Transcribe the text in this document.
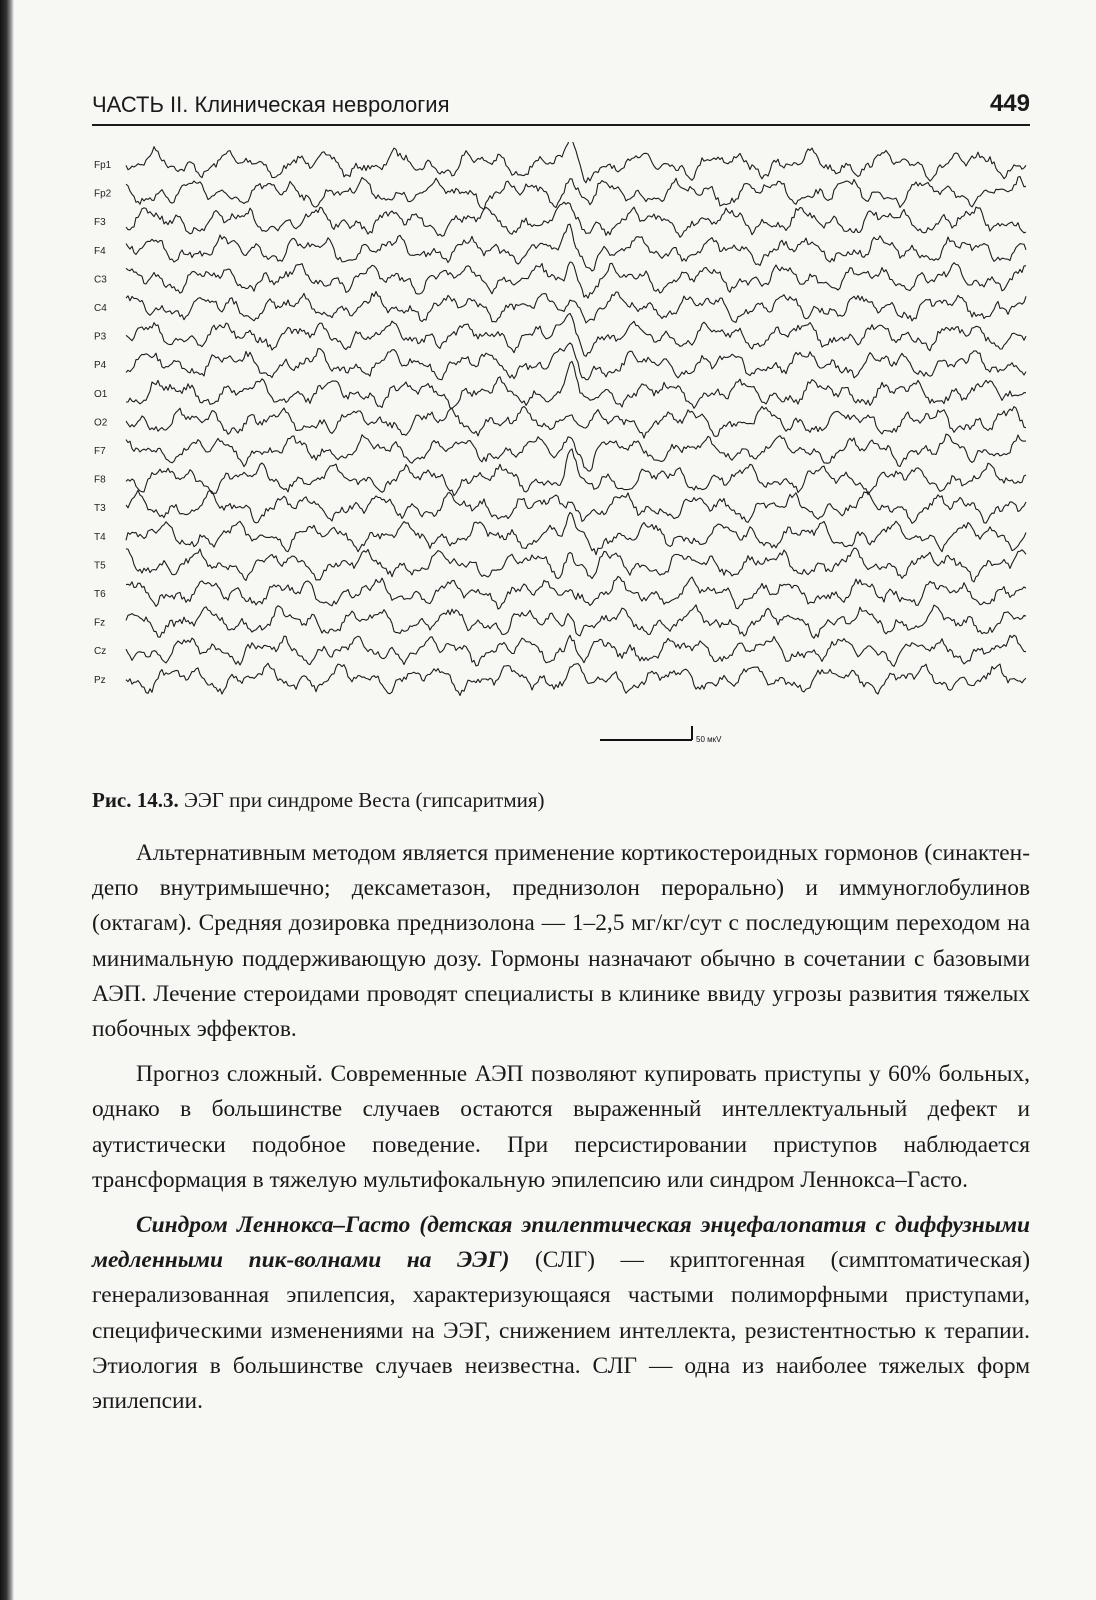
ЧАСТЬ II. Клиническая неврология	449
Fp1
Fp2
F3
F4
C3
C4
P3
P4
O1
O2
F7
F8
T3
T4
T5
T6
Fz
Cz
Pz
50 мкV
Рис. 14.3. ЭЭГ при синдроме Веста (гипсаритмия)

Альтернативным методом является применение кортикостероидных гормонов (синактен-депо внутримышечно; дексаметазон, преднизолон перорально) и иммуноглобулинов (октагам). Средняя дозировка преднизолона — 1–2,5 мг/кг/сут с последующим переходом на минимальную поддерживающую дозу. Гормоны назначают обычно в сочетании с базовыми АЭП. Лечение стероидами проводят специалисты в клинике ввиду угрозы развития тяжелых побочных эффектов.

Прогноз сложный. Современные АЭП позволяют купировать приступы у 60% больных, однако в большинстве случаев остаются выраженный интеллектуальный дефект и аутистически подобное поведение. При персистировании приступов наблюдается трансформация в тяжелую мультифокальную эпилепсию или синдром Леннокса–Гасто.

Синдром Леннокса–Гасто (детская эпилептическая энцефалопатия с диффузными медленными пик-волнами на ЭЭГ) (СЛГ) — криптогенная (симптоматическая) генерализованная эпилепсия, характеризующаяся частыми полиморфными приступами, специфическими изменениями на ЭЭГ, снижением интеллекта, резистентностью к терапии. Этиология в большинстве случаев неизвестна. СЛГ — одна из наиболее тяжелых форм эпилепсии.
